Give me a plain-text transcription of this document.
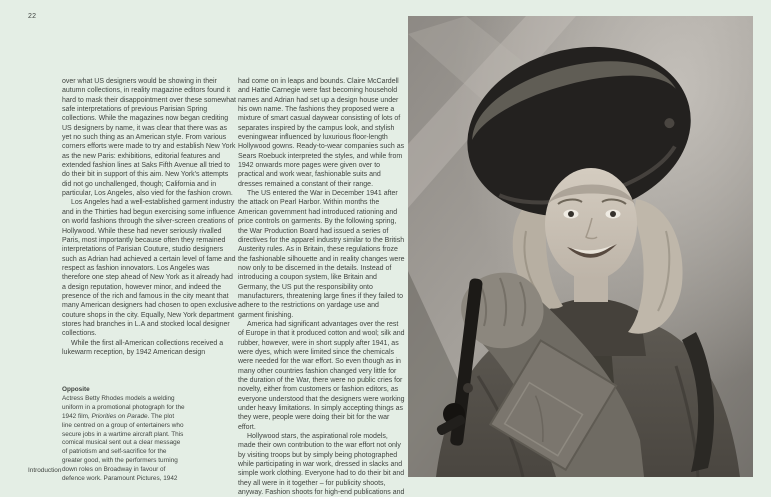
22

over what US designers would be showing in their autumn collections, in reality magazine editors found it hard to mask their disappointment over these somewhat safe interpretations of previous Parisian Spring collections. While the magazines now began crediting US designers by name, it was clear that there was as yet no such thing as an American style. From various corners efforts were made to try and establish New York as the new Paris: exhibitions, editorial features and extended fashion lines at Saks Fifth Avenue all tried to do their bit in support of this aim. New York's attempts did not go unchallenged, though; California and in particular, Los Angeles, also vied for the fashion crown.

Los Angeles had a well-established garment industry and in the Thirties had begun exercising some influence on world fashions through the silver-screen creations of Hollywood. While these had never seriously rivalled Paris, most importantly because often they remained interpretations of Parisian Couture, studio designers such as Adrian had achieved a certain level of fame and respect as fashion innovators. Los Angeles was therefore one step ahead of New York as it already had a design reputation, however minor, and indeed the presence of the rich and famous in the city meant that many American designers had chosen to open exclusive couture shops in the city. Equally, New York department stores had branches in L.A and stocked local designer collections.

While the first all-American collections received a lukewarm reception, by 1942 American design

had come on in leaps and bounds. Claire McCardell and Hattie Carnegie were fast becoming household names and Adrian had set up a design house under his own name. The fashions they proposed were a mixture of smart casual daywear consisting of lots of separates inspired by the campus look, and stylish eveningwear influenced by luxurious floor-length Hollywood gowns. Ready-to-wear companies such as Sears Roebuck interpreted the styles, and while from 1942 onwards more pages were given over to practical and work wear, fashionable suits and dresses remained a constant of their range.

The US entered the War in December 1941 after the attack on Pearl Harbor. Within months the American government had introduced rationing and price controls on garments. By the following spring, the War Production Board had issued a series of directives for the apparel industry similar to the British Austerity rules. As in Britain, these regulations froze the fashionable silhouette and in reality changes were now only to be discerned in the details. Instead of introducing a coupon system, like Britain and Germany, the US put the responsibility onto manufacturers, threatening large fines if they failed to adhere to the restrictions on yardage use and garment finishing.

America had significant advantages over the rest of Europe in that it produced cotton and wool; silk and rubber, however, were in short supply after 1941, as were dyes, which were limited since the chemicals were needed for the war effort. So even though as in many other countries fashion changed very little for the duration of the War, there were no public cries for novelty, either from customers or fashion editors, as everyone understood that the designers were working under heavy limitations. In simply accepting things as they were, people were doing their bit for the war effort.

Hollywood stars, the aspirational role models, made their own contribution to the war effort not only by visiting troops but by simply being photographed while participating in war work, dressed in slacks and simple work clothing. Everyone had to do their bit and they all were in it together – for publicity shoots, anyway. Fashion shoots for high-end publications and

Opposite

Actress Betty Rhodes models a welding uniform in a promotional photograph for the 1942 film, Priorities on Parade. The plot line centred on a group of entertainers who secure jobs in a wartime aircraft plant. This comical musical sent out a clear message of patriotism and self-sacrifice for the greater good, with the performers turning down roles on Broadway in favour of defence work. Paramount Pictures, 1942

Introduction
